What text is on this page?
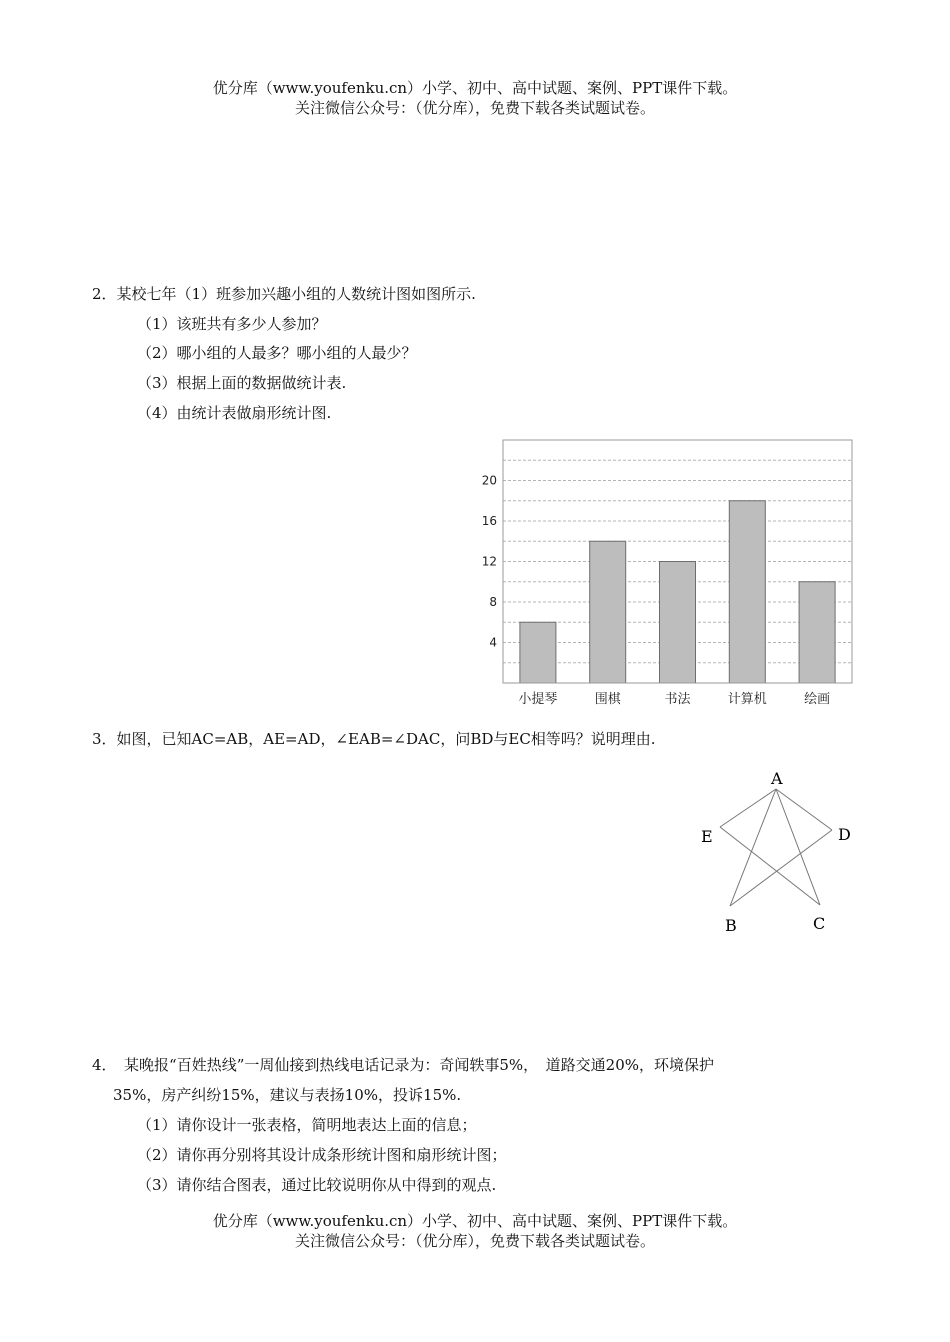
优分库（www.youfenku.cn）小学、初中、高中试题、案例、PPT课件下载。
关注微信公众号：（优分库），免费下载各类试题试卷。
2．某校七年（1）班参加兴趣小组的人数统计图如图所示.
（1）该班共有多少人参加？
（2）哪小组的人最多？哪小组的人最少？
（3）根据上面的数据做统计表.
（4）由统计表做扇形统计图.
4
8
12
16
20
小提琴	围棋	书法	计算机	绘画
3．如图，已知AC=AB，AE=AD，∠EAB=∠DAC，问BD与EC相等吗？说明理由.
A
E	D
B	C
4．　某晚报“百姓热线”一周仙接到热线电话记录为：奇闻轶事5%，　道路交通20%，环境保护
35%，房产纠纷15%，建议与表扬10%，投诉15%.
（1）请你设计一张表格，简明地表达上面的信息；
（2）请你再分别将其设计成条形统计图和扇形统计图；
（3）请你结合图表，通过比较说明你从中得到的观点.
优分库（www.youfenku.cn）小学、初中、高中试题、案例、PPT课件下载。
关注微信公众号：（优分库），免费下载各类试题试卷。
